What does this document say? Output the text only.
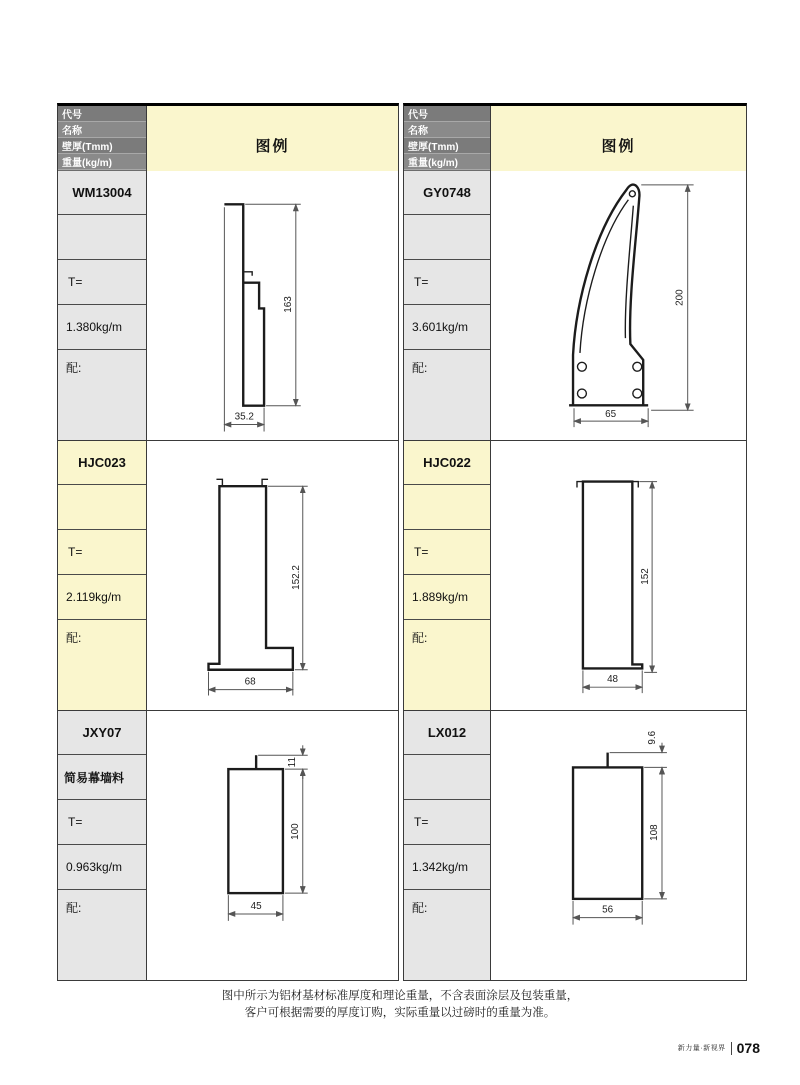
代号
名称
壁厚(Tmm)
重量(kg/m)
图例
WM13004
T=
1.380kg/m
配:
163
35.2
HJC023
T=
2.119kg/m
配:
152.2
68
JXY07
简易幕墙料
T=
0.963kg/m
配:
11
100
45
代号
名称
壁厚(Tmm)
重量(kg/m)
图例
GY0748
T=
3.601kg/m
配:
200
65
HJC022
T=
1.889kg/m
配:
152
48
LX012
T=
1.342kg/m
配:
9.6
108
56
图中所示为铝材基材标准厚度和理论重量，不含表面涂层及包装重量，
客户可根据需要的厚度订购，实际重量以过磅时的重量为准。
新力量·新视界 078
